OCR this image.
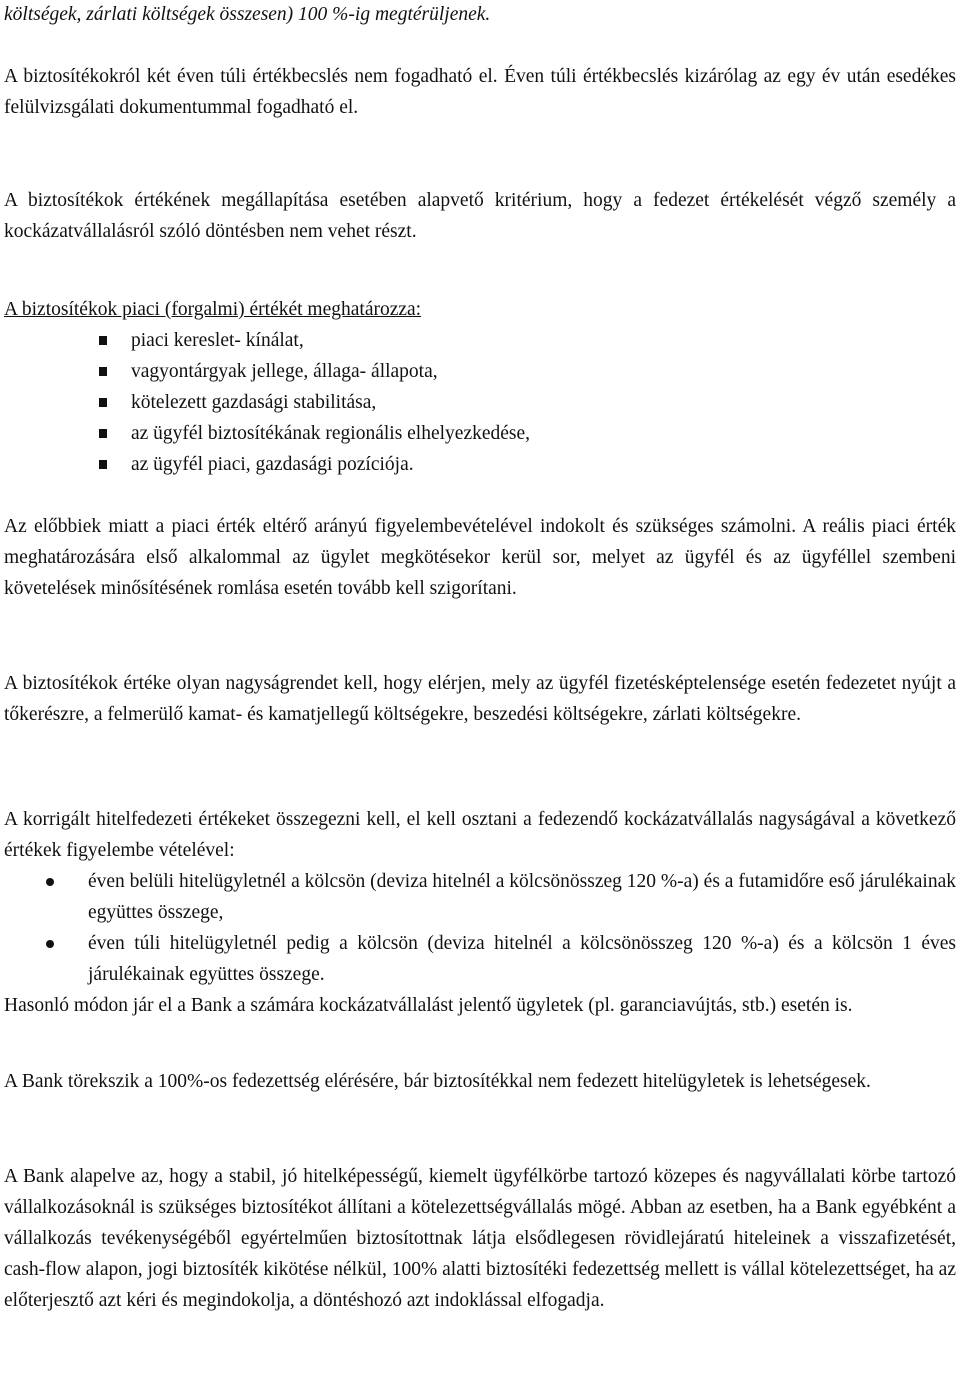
költségek, zárlati költségek összesen) 100 %-ig megtérüljenek.

A biztosítékokról két éven túli értékbecslés nem fogadható el. Éven túli értékbecslés kizárólag az egy év után esedékes felülvizsgálati dokumentummal fogadható el.

A biztosítékok értékének megállapítása esetében alapvető kritérium, hogy a fedezet értékelését végző személy a kockázatvállalásról szóló döntésben nem vehet részt.

A biztosítékok piaci (forgalmi) értékét meghatározza:

piaci kereslet- kínálat,
vagyontárgyak jellege, állaga- állapota,
kötelezett gazdasági stabilitása,
az ügyfél biztosítékának regionális elhelyezkedése,
az ügyfél piaci, gazdasági pozíciója.

Az előbbiek miatt a piaci érték eltérő arányú figyelembevételével indokolt és szükséges számolni. A reális piaci érték meghatározására első alkalommal az ügylet megkötésekor kerül sor, melyet az ügyfél és az ügyféllel szembeni követelések minősítésének romlása esetén tovább kell szigorítani.

A biztosítékok értéke olyan nagyságrendet kell, hogy elérjen, mely az ügyfél fizetésképtelensége esetén fedezetet nyújt a tőkerészre, a felmerülő kamat- és kamatjellegű költségekre, beszedési költségekre, zárlati költségekre.

A korrigált hitelfedezeti értékeket összegezni kell, el kell osztani a fedezendő kockázatvállalás nagyságával a következő értékek figyelembe vételével:

éven belüli hitelügyletnél a kölcsön (deviza hitelnél a kölcsönösszeg 120 %-a) és a futamidőre eső járulékainak együttes összege,
éven túli hitelügyletnél pedig a kölcsön (deviza hitelnél a kölcsönösszeg 120 %-a) és a kölcsön 1 éves járulékainak együttes összege.

Hasonló módon jár el a Bank a számára kockázatvállalást jelentő ügyletek (pl. garanciavújtás, stb.) esetén is.

A Bank törekszik a 100%-os fedezettség elérésére, bár biztosítékkal nem fedezett hitelügyletek is lehetségesek.

A Bank alapelve az, hogy a stabil, jó hitelképességű, kiemelt ügyfélkörbe tartozó közepes és nagyvállalati körbe tartozó vállalkozásoknál is szükséges biztosítékot állítani a kötelezettségvállalás mögé. Abban az esetben, ha a Bank egyébként a vállalkozás tevékenységéből egyértelműen biztosítottnak látja elsődlegesen rövidlejáratú hiteleinek a visszafizetését, cash-flow alapon, jogi biztosíték kikötése nélkül, 100% alatti biztosítéki fedezettség mellett is vállal kötelezettséget, ha az előterjesztő azt kéri és megindokolja, a döntéshozó azt indoklással elfogadja.
